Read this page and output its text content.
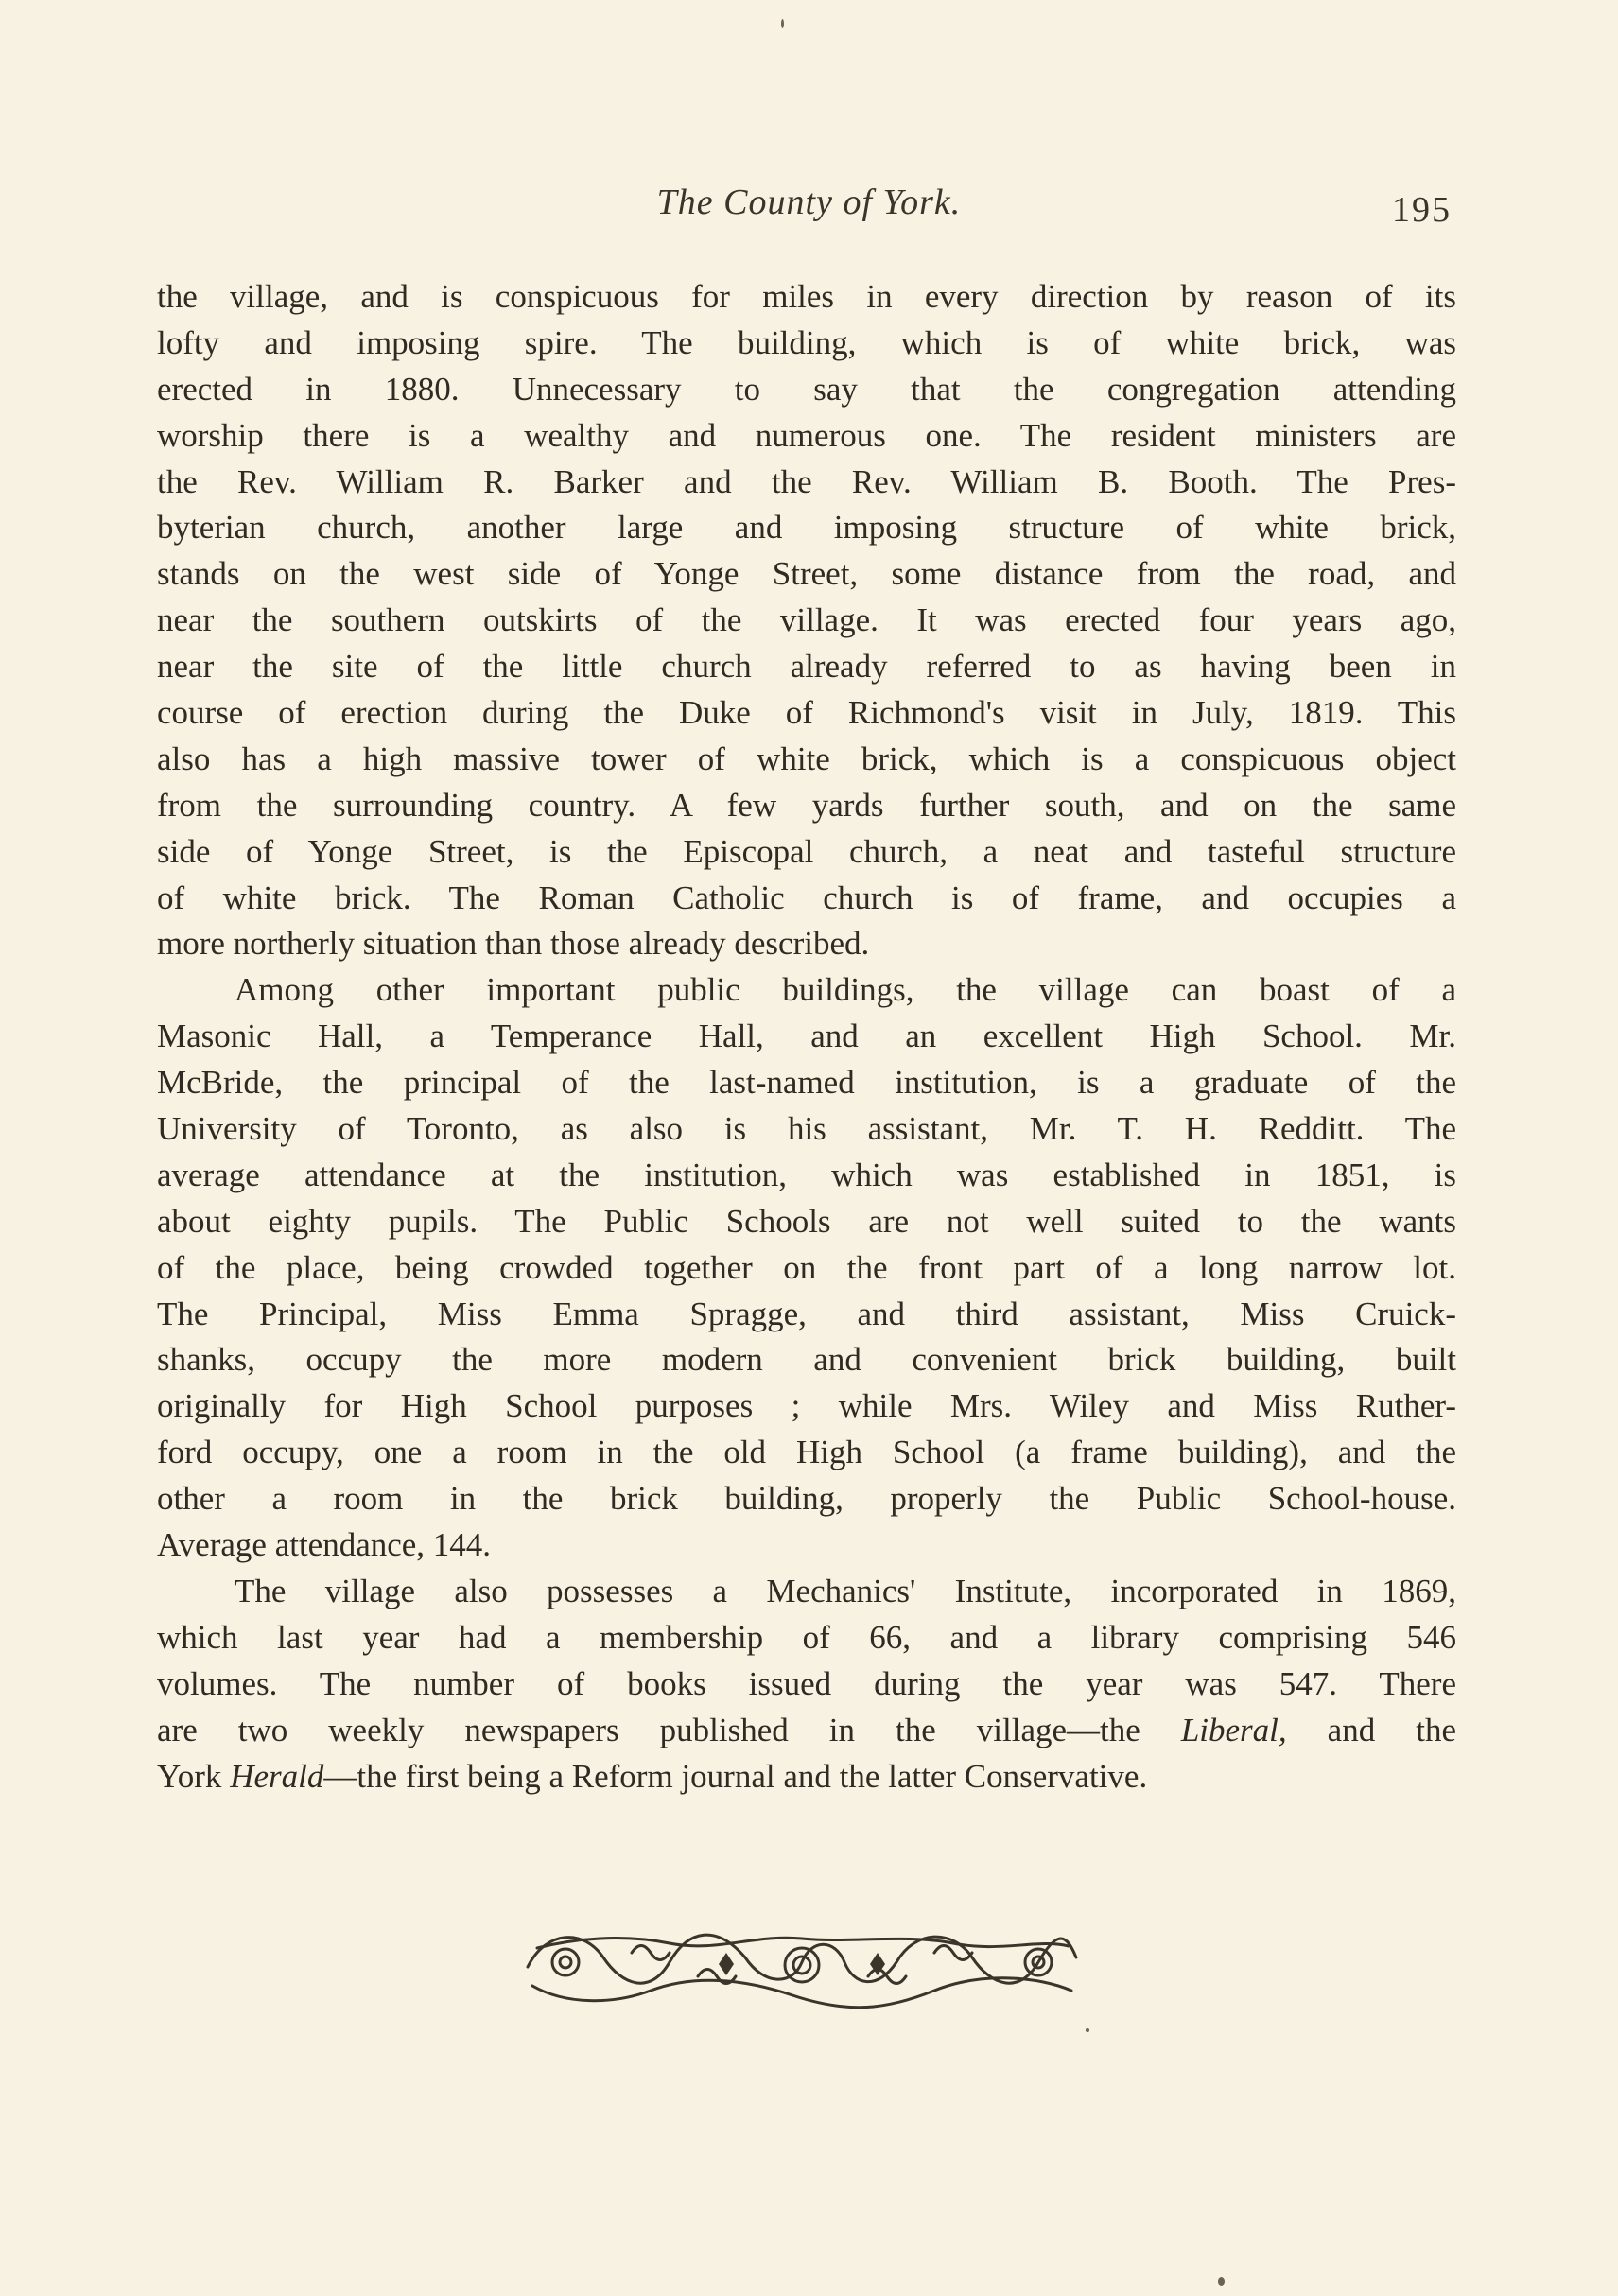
The County of York.	195
the village, and is conspicuous for miles in every direction by reason of its
lofty and imposing spire. The building, which is of white brick, was
erected in 1880. Unnecessary to say that the congregation attending
worship there is a wealthy and numerous one. The resident ministers are
the Rev. William R. Barker and the Rev. William B. Booth. The Pres-
byterian church, another large and imposing structure of white brick,
stands on the west side of Yonge Street, some distance from the road, and
near the southern outskirts of the village. It was erected four years ago,
near the site of the little church already referred to as having been in
course of erection during the Duke of Richmond's visit in July, 1819. This
also has a high massive tower of white brick, which is a conspicuous object
from the surrounding country. A few yards further south, and on the same
side of Yonge Street, is the Episcopal church, a neat and tasteful structure
of white brick. The Roman Catholic church is of frame, and occupies a
more northerly situation than those already described.
Among other important public buildings, the village can boast of a
Masonic Hall, a Temperance Hall, and an excellent High School. Mr.
McBride, the principal of the last-named institution, is a graduate of the
University of Toronto, as also is his assistant, Mr. T. H. Redditt. The
average attendance at the institution, which was established in 1851, is
about eighty pupils. The Public Schools are not well suited to the wants
of the place, being crowded together on the front part of a long narrow lot.
The Principal, Miss Emma Spragge, and third assistant, Miss Cruick-
shanks, occupy the more modern and convenient brick building, built
originally for High School purposes ; while Mrs. Wiley and Miss Ruther-
ford occupy, one a room in the old High School (a frame building), and the
other a room in the brick building, properly the Public School-house.
Average attendance, 144.
The village also possesses a Mechanics' Institute, incorporated in 1869,
which last year had a membership of 66, and a library comprising 546
volumes. The number of books issued during the year was 547. There
are two weekly newspapers published in the village—the Liberal, and the
York Herald—the first being a Reform journal and the latter Conservative.
